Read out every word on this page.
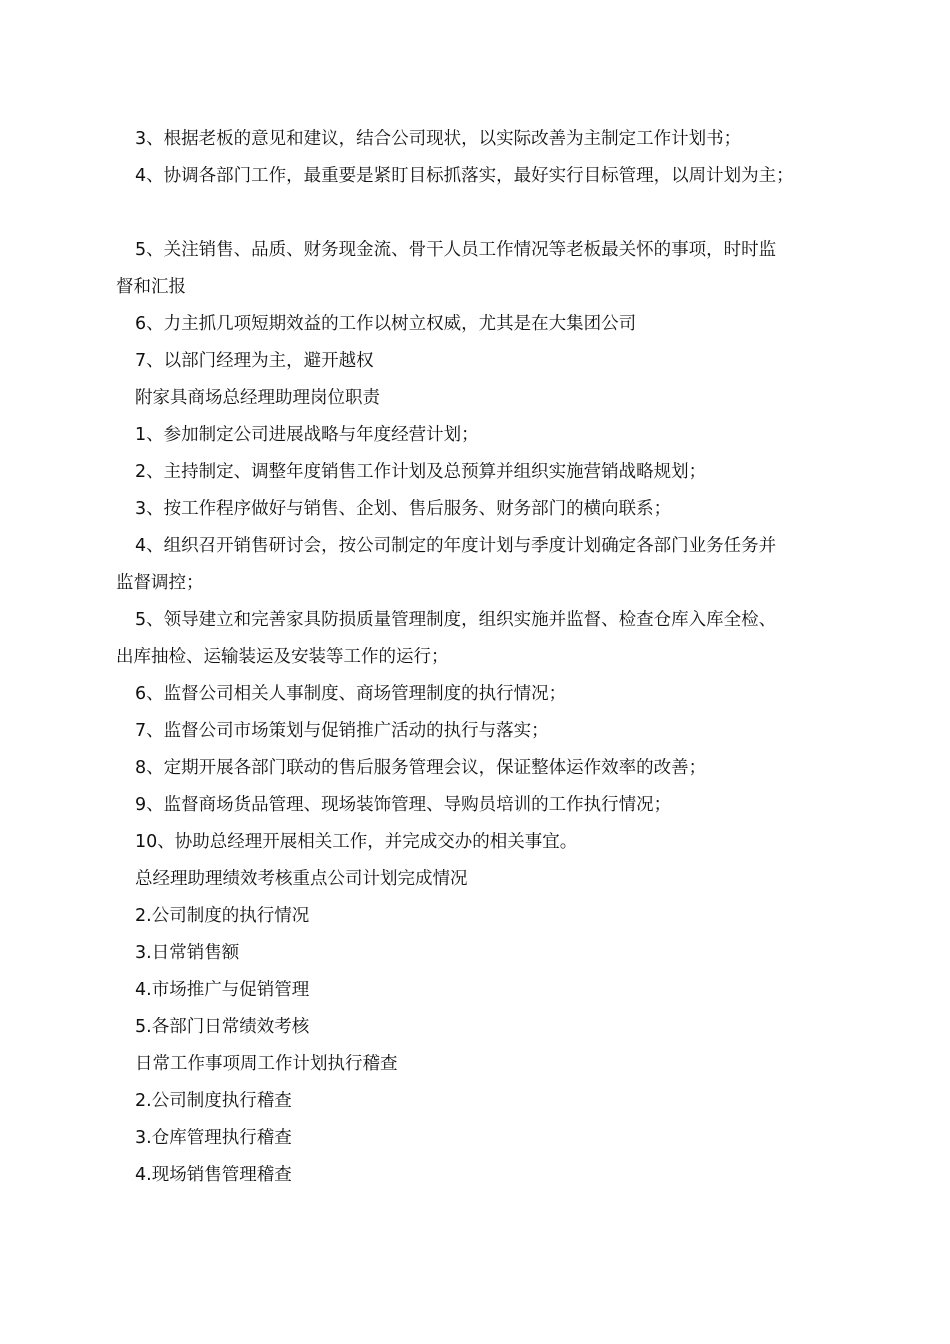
3、根据老板的意见和建议，结合公司现状，以实际改善为主制定工作计划书；

4、协调各部门工作，最重要是紧盯目标抓落实，最好实行目标管理，以周计划为主；

5、关注销售、品质、财务现金流、骨干人员工作情况等老板最关怀的事项，时时监
督和汇报

6、力主抓几项短期效益的工作以树立权威，尤其是在大集团公司

7、以部门经理为主，避开越权

附家具商场总经理助理岗位职责

1、参加制定公司进展战略与年度经营计划；

2、主持制定、调整年度销售工作计划及总预算并组织实施营销战略规划；

3、按工作程序做好与销售、企划、售后服务、财务部门的横向联系；

4、组织召开销售研讨会，按公司制定的年度计划与季度计划确定各部门业务任务并
监督调控；

5、领导建立和完善家具防损质量管理制度，组织实施并监督、检查仓库入库全检、
出库抽检、运输装运及安装等工作的运行；

6、监督公司相关人事制度、商场管理制度的执行情况；

7、监督公司市场策划与促销推广活动的执行与落实；

8、定期开展各部门联动的售后服务管理会议，保证整体运作效率的改善；

9、监督商场货品管理、现场装饰管理、导购员培训的工作执行情况；

10、协助总经理开展相关工作，并完成交办的相关事宜。

总经理助理绩效考核重点公司计划完成情况

2.公司制度的执行情况

3.日常销售额

4.市场推广与促销管理

5.各部门日常绩效考核

日常工作事项周工作计划执行稽查

2.公司制度执行稽查

3.仓库管理执行稽查

4.现场销售管理稽查
